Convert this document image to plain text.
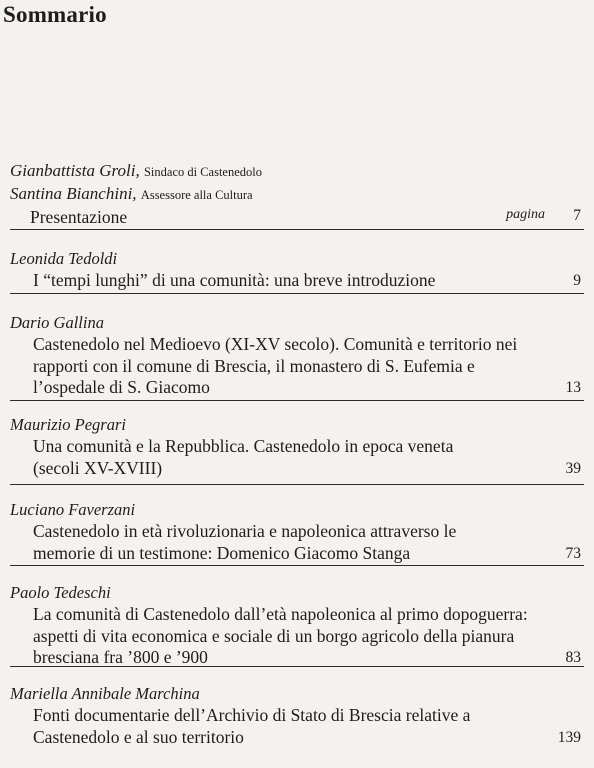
Sommario
Gianbattista Groli, Sindaco di Castenedolo
Santina Bianchini, Assessore alla Cultura
Presentazione	pagina 7
Leonida Tedoldi
I “tempi lunghi” di una comunità: una breve introduzione	9
Dario Gallina
Castenedolo nel Medioevo (XI-XV secolo). Comunità e territorio nei rapporti con il comune di Brescia, il monastero di S. Eufemia e l’ospedale di S. Giacomo	13
Maurizio Pegrari
Una comunità e la Repubblica. Castenedolo in epoca veneta (secoli XV-XVIII)	39
Luciano Faverzani
Castenedolo in età rivoluzionaria e napoleonica attraverso le memorie di un testimone: Domenico Giacomo Stanga	73
Paolo Tedeschi
La comunità di Castenedolo dall’età napoleonica al primo dopoguerra: aspetti di vita economica e sociale di un borgo agricolo della pianura bresciana fra ’800 e ’900	83
Mariella Annibale Marchina
Fonti documentarie dell’Archivio di Stato di Brescia relative a Castenedolo e al suo territorio	139
